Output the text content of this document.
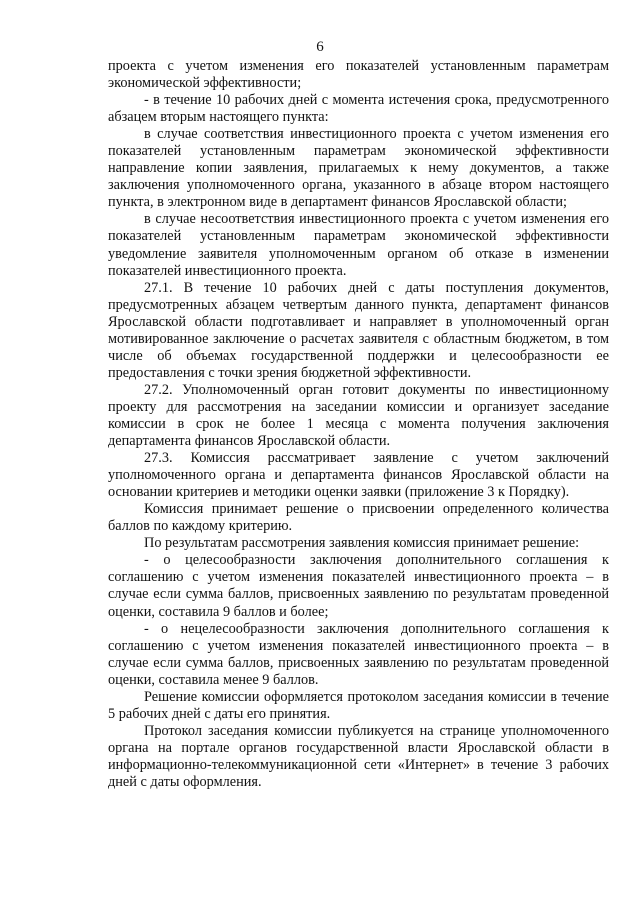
6

проекта с учетом изменения его показателей установленным параметрам экономической эффективности;

- в течение 10 рабочих дней с момента истечения срока, предусмотренного абзацем вторым настоящего пункта:

в случае соответствия инвестиционного проекта с учетом изменения его показателей установленным параметрам экономической эффективности направление копии заявления, прилагаемых к нему документов, а также заключения уполномоченного органа, указанного в абзаце втором настоящего пункта, в электронном виде в департамент финансов Ярославской области;

в случае несоответствия инвестиционного проекта с учетом изменения его показателей установленным параметрам экономической эффективности уведомление заявителя уполномоченным органом об отказе в изменении показателей инвестиционного проекта.

27.1. В течение 10 рабочих дней с даты поступления документов, предусмотренных абзацем четвертым данного пункта, департамент финансов Ярославской области подготавливает и направляет в уполномоченный орган мотивированное заключение о расчетах заявителя с областным бюджетом, в том числе об объемах государственной поддержки и целесообразности ее предоставления с точки зрения бюджетной эффективности.

27.2. Уполномоченный орган готовит документы по инвестиционному проекту для рассмотрения на заседании комиссии и организует заседание комиссии в срок не более 1 месяца с момента получения заключения департамента финансов Ярославской области.

27.3. Комиссия рассматривает заявление с учетом заключений уполномоченного органа и департамента финансов Ярославской области на основании критериев и методики оценки заявки (приложение 3 к Порядку).

Комиссия принимает решение о присвоении определенного количества баллов по каждому критерию.

По результатам рассмотрения заявления комиссия принимает решение:

- о целесообразности заключения дополнительного соглашения к соглашению с учетом изменения показателей инвестиционного проекта – в случае если сумма баллов, присвоенных заявлению по результатам проведенной оценки, составила 9 баллов и более;

- о нецелесообразности заключения дополнительного соглашения к соглашению с учетом изменения показателей инвестиционного проекта – в случае если сумма баллов, присвоенных заявлению по результатам проведенной оценки, составила менее 9 баллов.

Решение комиссии оформляется протоколом заседания комиссии в течение 5 рабочих дней с даты его принятия.

Протокол заседания комиссии публикуется на странице уполномоченного органа на портале органов государственной власти Ярославской области в информационно-телекоммуникационной сети «Интернет» в течение 3 рабочих дней с даты оформления.
